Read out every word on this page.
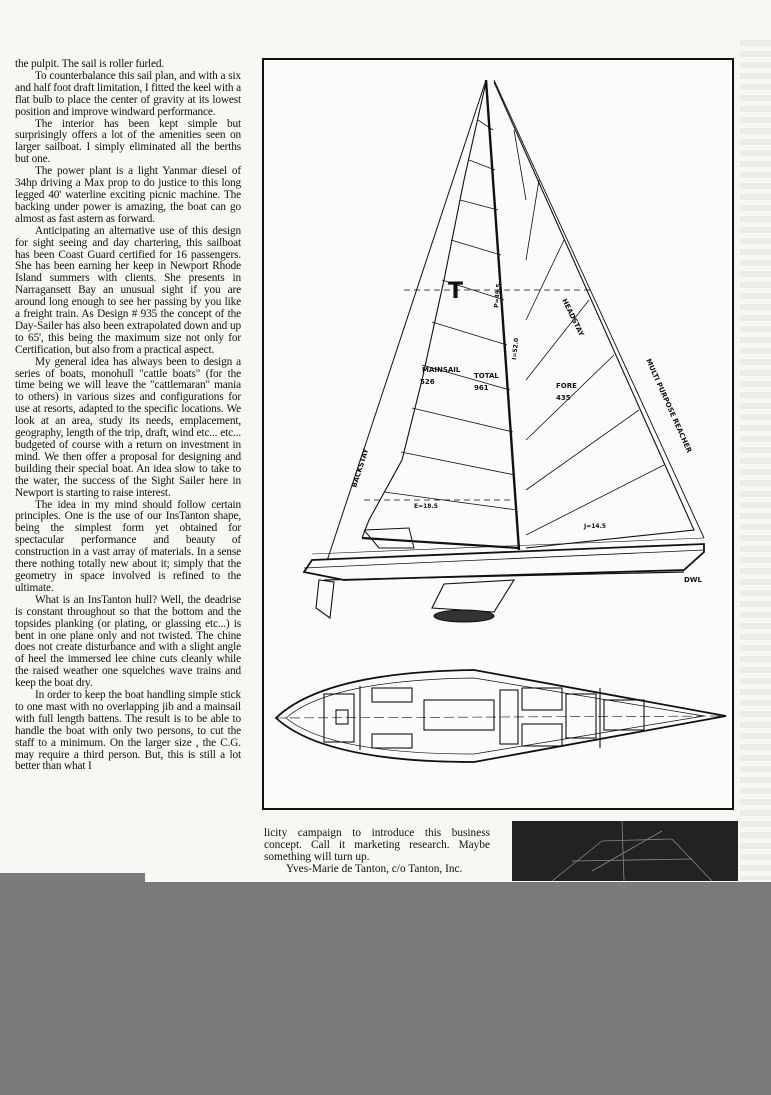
the pulpit. The sail is roller furled.

To counterbalance this sail plan, and with a six and half foot draft limitation, I fitted the keel with a flat bulb to place the center of gravity at its lowest position and improve windward performance.

The interior has been kept simple but surprisingly offers a lot of the amenities seen on larger sailboat. I simply eliminated all the berths but one.

The power plant is a light Yanmar diesel of 34hp driving a Max prop to do justice to this long legged 40' waterline exciting picnic machine. The backing under power is amazing, the boat can go almost as fast astern as forward.

Anticipating an alternative use of this design for sight seeing and day chartering, this sailboat has been Coast Guard certified for 16 passengers. She has been earning her keep in Newport Rhode Island summers with clients. She presents in Narragansett Bay an unusual sight if you are around long enough to see her passing by you like a freight train. As Design # 935 the concept of the Day-Sailer has also been extrapolated down and up to 65', this being the maximum size not only for Certification, but also from a practical aspect.

My general idea has always been to design a series of boats, monohull "cattle boats" (for the time being we will leave the "cattlemaran" mania to others) in various sizes and configurations for use at resorts, adapted to the specific locations. We look at an area, study its needs, emplacement, geography, length of the trip, draft, wind etc... etc... budgeted of course with a return on investment in mind. We then offer a proposal for designing and building their special boat. An idea slow to take to the water, the success of the Sight Sailer here in Newport is starting to raise interest.

The idea in my mind should follow certain principles. One is the use of our InsTanton shape, being the simplest form yet obtained for spectacular performance and beauty of construction in a vast array of materials. In a sense there nothing totally new about it; simply that the geometry in space involved is refined to the ultimate.

What is an InsTanton hull? Well, the deadrise is constant throughout so that the bottom and the topsides planking (or plating, or glassing etc...) is bent in one plane only and not twisted. The chine does not create disturbance and with a slight angle of heel the immersed lee chine cuts cleanly while the raised weather one squelches wave trains and keep the boat dry.

In order to keep the boat handling simple stick to one mast with no overlapping jib and a mainsail with full length battens. The result is to be able to handle the boat with only two persons, to cut the staff to a minimum. On the larger size , the C.G. may require a third person. But, this is still a lot better than what I

T
MAINSAIL
526
TOTAL
961	FORE
435
HEADSTAY
BACKSTAY
MULTI PURPOSE REACHER
P=49.5
I=52.0
E=18.5
J=14.5
DWL

licity campaign to introduce this business concept. Call it marketing research. Maybe something will turn up.

Yves-Marie de Tanton, c/o Tanton, Inc.
